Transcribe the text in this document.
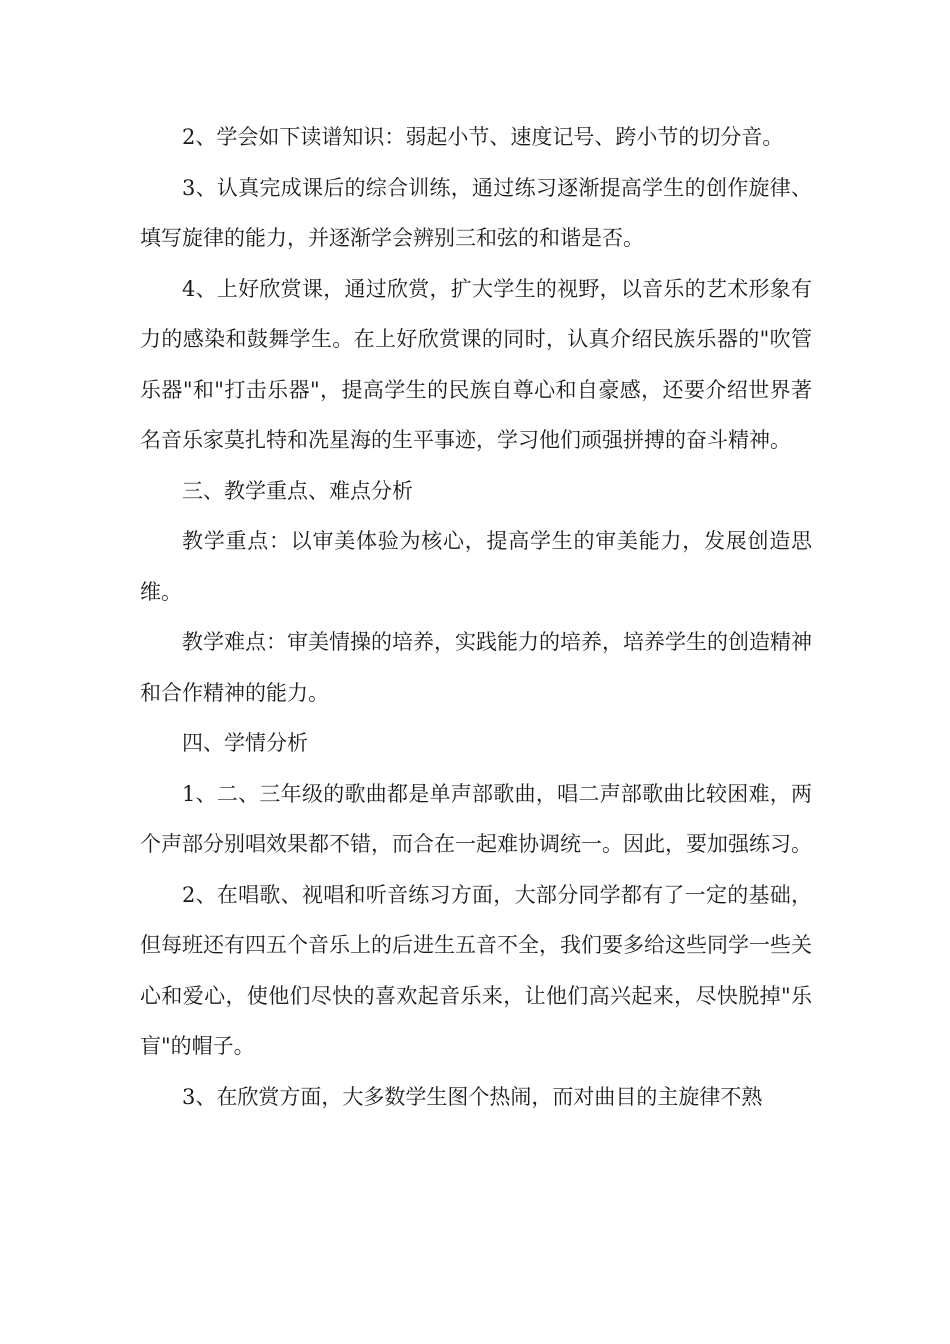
2、学会如下读谱知识：弱起小节、速度记号、跨小节的切分音。

3、认真完成课后的综合训练，通过练习逐渐提高学生的创作旋律、填写旋律的能力，并逐渐学会辨别三和弦的和谐是否。

4、上好欣赏课，通过欣赏，扩大学生的视野，以音乐的艺术形象有力的感染和鼓舞学生。在上好欣赏课的同时，认真介绍民族乐器的"吹管乐器"和"打击乐器"，提高学生的民族自尊心和自豪感，还要介绍世界著名音乐家莫扎特和冼星海的生平事迹，学习他们顽强拼搏的奋斗精神。

三、教学重点、难点分析

教学重点：以审美体验为核心，提高学生的审美能力，发展创造思维。

教学难点：审美情操的培养，实践能力的培养，培养学生的创造精神和合作精神的能力。

四、学情分析

1、二、三年级的歌曲都是单声部歌曲，唱二声部歌曲比较困难，两个声部分别唱效果都不错，而合在一起难协调统一。因此，要加强练习。

2、在唱歌、视唱和听音练习方面，大部分同学都有了一定的基础，但每班还有四五个音乐上的后进生五音不全，我们要多给这些同学一些关心和爱心，使他们尽快的喜欢起音乐来，让他们高兴起来，尽快脱掉"乐盲"的帽子。

3、在欣赏方面，大多数学生图个热闹，而对曲目的主旋律不熟
